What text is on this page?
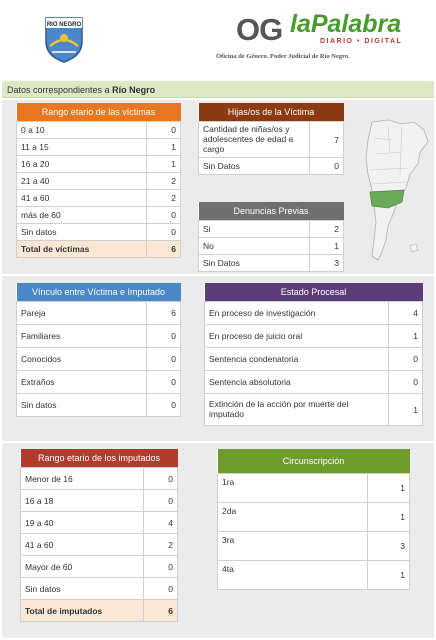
RIO NEGRO	OG laPalabra
DIARIO • DIGITAL
Oficina de Género. Poder Judicial de Río Negro.
Datos correspondientes a Río Negro
Rango etario de las víctimas	
0 a 10	0
11 a 15	1
16 a 20	1
21 a 40	2
41 a 60	2
más de 60	0
Sin datos	0
Total de víctimas	6
Hijas/os de la Víctima	
Cantidad de niñas/os y adolescentes de edad a cargo	7
Sin Datos	0
Denuncias Previas	
Si	2
No	1
Sin Datos	3
Vínculo entre Víctima e Imputado	
Pareja	6
Familiares	0
Conocidos	0
Extraños	0
Sin datos	0
Estado Procesal	
En proceso de investigación	4
En proceso de juicio oral	1
Sentencia condenatoria	0
Sentencia absolutoria	0
Extinción de la acción por muerte del imputado	1
Rango etario de los imputados	
Menor de 16	0
16 a 18	0
19 a 40	4
41 a 60	2
Mayor de 60	0
Sin datos	0
Total de imputados	6
Circunscripción	
1ra	1
2da	1
3ra	3
4ta	1
